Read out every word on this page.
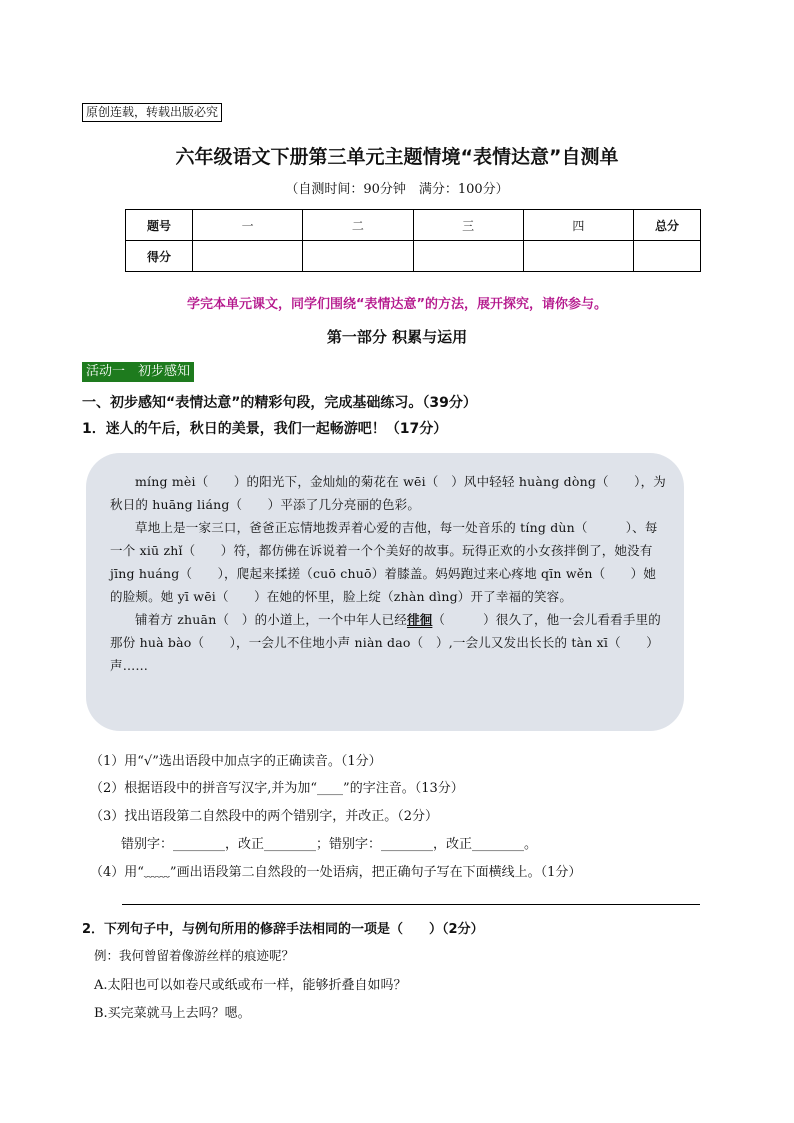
原创连载，转载出版必究
六年级语文下册第三单元主题情境“表情达意”自测单
（自测时间：90分钟　满分：100分）
题号	一	二	三	四	总分
得分					
学完本单元课文，同学们围绕“表情达意”的方法，展开探究，请你参与。
第一部分 积累与运用
活动一　初步感知
一、初步感知“表情达意”的精彩句段，完成基础练习。（39分）
1．迷人的午后，秋日的美景，我们一起畅游吧！（17分）

míng mèi（　　）的阳光下，金灿灿的菊花在 wēi（　）风中轻轻 huàng dòng（　　），为秋日的 huāng liáng（　　）平添了几分亮丽的色彩。

草地上是一家三口，爸爸正忘情地拨弄着心爱的吉他，每一处音乐的 tíng dùn（　　　）、每一个 xiū zhǐ（　　）符，都仿佛在诉说着一个个美好的故事。玩得正欢的小女孩拌倒了，她没有 jīng huáng（　　），爬起来揉搓（cuō chuō）着膝盖。妈妈跑过来心疼地 qīn wěn（　　）她的脸颊。她 yī wēi（　　）在她的怀里，脸上绽（zhàn dìng）开了幸福的笑容。

铺着方 zhuān（　）的小道上，一个中年人已经徘徊（　　　）很久了，他一会儿看看手里的那份 huà bào（　　），一会儿不住地小声 niàn dao（　）,一会儿又发出长长的 tàn xī（　　）声……

（1）用“√”选出语段中加点字的正确读音。（1分）
（2）根据语段中的拼音写汉字,并为加“____”的字注音。（13分）
（3）找出语段第二自然段中的两个错别字，并改正。（2分）
错别字：________，改正________；错别字：________，改正________。
（4）用“﹏﹏”画出语段第二自然段的一处语病，把正确句子写在下面横线上。（1分）
2．下列句子中，与例句所用的修辞手法相同的一项是（　　）（2分）
例：我何曾留着像游丝样的痕迹呢？
A.太阳也可以如卷尺或纸或布一样，能够折叠自如吗？
B.买完菜就马上去吗？嗯。
